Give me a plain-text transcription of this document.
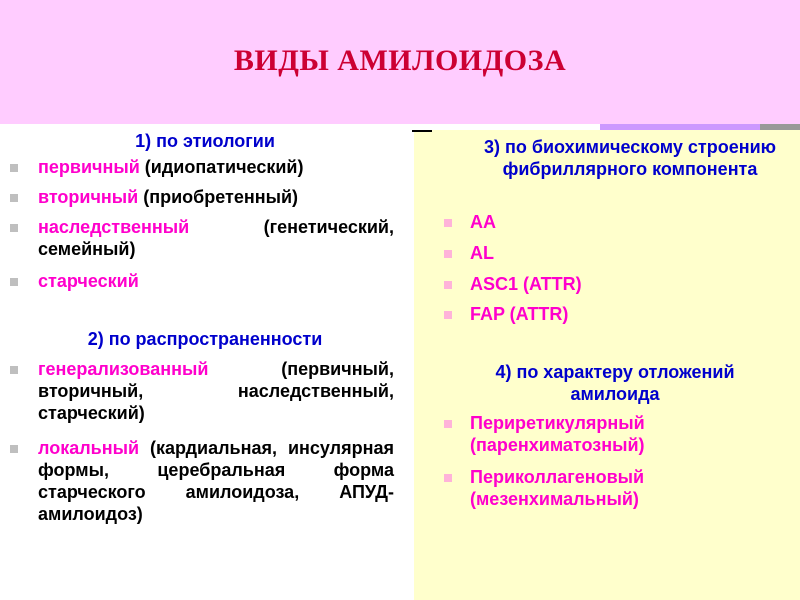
ВИДЫ АМИЛОИДОЗА
1) по этиологии
первичный (идиопатический)
вторичный (приобретенный)
наследственный (генетический, семейный)
старческий
2) по распространенности
генерализованный (первичный, вторичный, наследственный, старческий)
локальный (кардиальная, инсулярная формы, церебральная форма старческого амилоидоза, АПУД-амилоидоз)
3) по биохимическому строению фибриллярного компонента
AA
AL
ASC1 (ATTR)
FAP (ATTR)
4) по характеру отложений амилоида
Периретикулярный (паренхиматозный)
Периколлагеновый (мезенхимальный)
